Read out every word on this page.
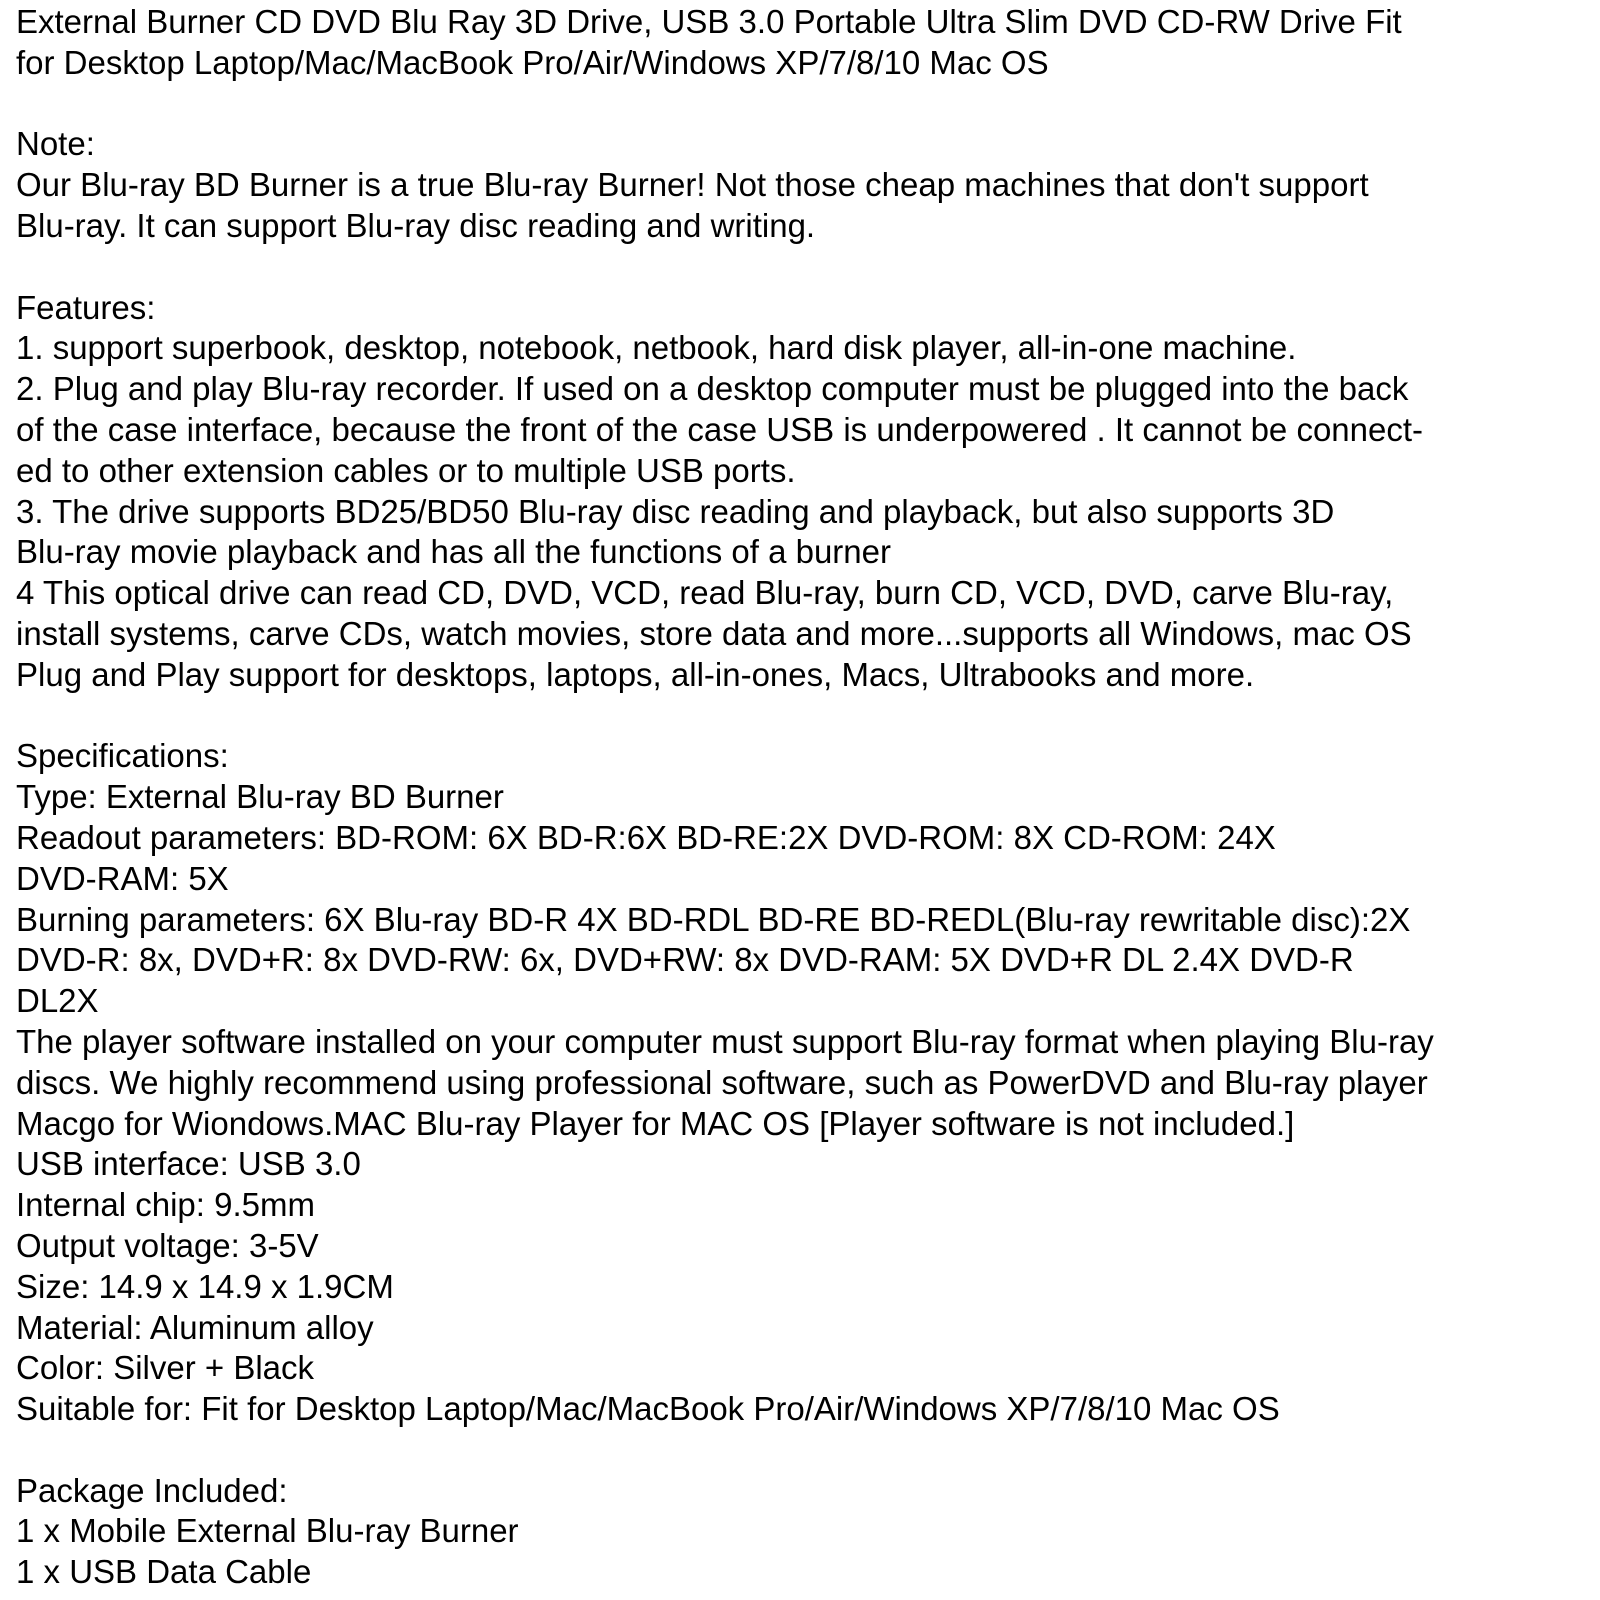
External Burner CD DVD Blu Ray 3D Drive, USB 3.0 Portable Ultra Slim DVD CD-RW Drive Fit
for Desktop Laptop/Mac/MacBook Pro/Air/Windows XP/7/8/10 Mac OS
Note:
Our Blu-ray BD Burner is a true Blu-ray Burner! Not those cheap machines that don't support
Blu-ray. It can support Blu-ray disc reading and writing.
Features:
1. support superbook, desktop, notebook, netbook, hard disk player, all-in-one machine.
2. Plug and play Blu-ray recorder. If used on a desktop computer must be plugged into the back
of the case interface, because the front of the case USB is underpowered . It cannot be connect-
ed to other extension cables or to multiple USB ports.
3. The drive supports BD25/BD50 Blu-ray disc reading and playback, but also supports 3D
Blu-ray movie playback and has all the functions of a burner
4 This optical drive can read CD, DVD, VCD, read Blu-ray, burn CD, VCD, DVD, carve Blu-ray,
install systems, carve CDs, watch movies, store data and more...supports all Windows, mac OS
Plug and Play support for desktops, laptops, all-in-ones, Macs, Ultrabooks and more.
Specifications:
Type: External Blu-ray BD Burner
Readout parameters: BD-ROM: 6X BD-R:6X BD-RE:2X DVD-ROM: 8X CD-ROM: 24X
DVD-RAM: 5X
Burning parameters: 6X Blu-ray BD-R 4X BD-RDL BD-RE BD-REDL(Blu-ray rewritable disc):2X
DVD-R: 8x, DVD+R: 8x DVD-RW: 6x, DVD+RW: 8x DVD-RAM: 5X DVD+R DL 2.4X DVD-R
DL2X
The player software installed on your computer must support Blu-ray format when playing Blu-ray
discs. We highly recommend using professional software, such as PowerDVD and Blu-ray player
Macgo for Wiondows.MAC Blu-ray Player for MAC OS [Player software is not included.]
USB interface: USB 3.0
Internal chip: 9.5mm
Output voltage: 3-5V
Size: 14.9 x 14.9 x 1.9CM
Material: Aluminum alloy
Color: Silver + Black
Suitable for: Fit for Desktop Laptop/Mac/MacBook Pro/Air/Windows XP/7/8/10 Mac OS
Package Included:
1 x Mobile External Blu-ray Burner
1 x USB Data Cable
